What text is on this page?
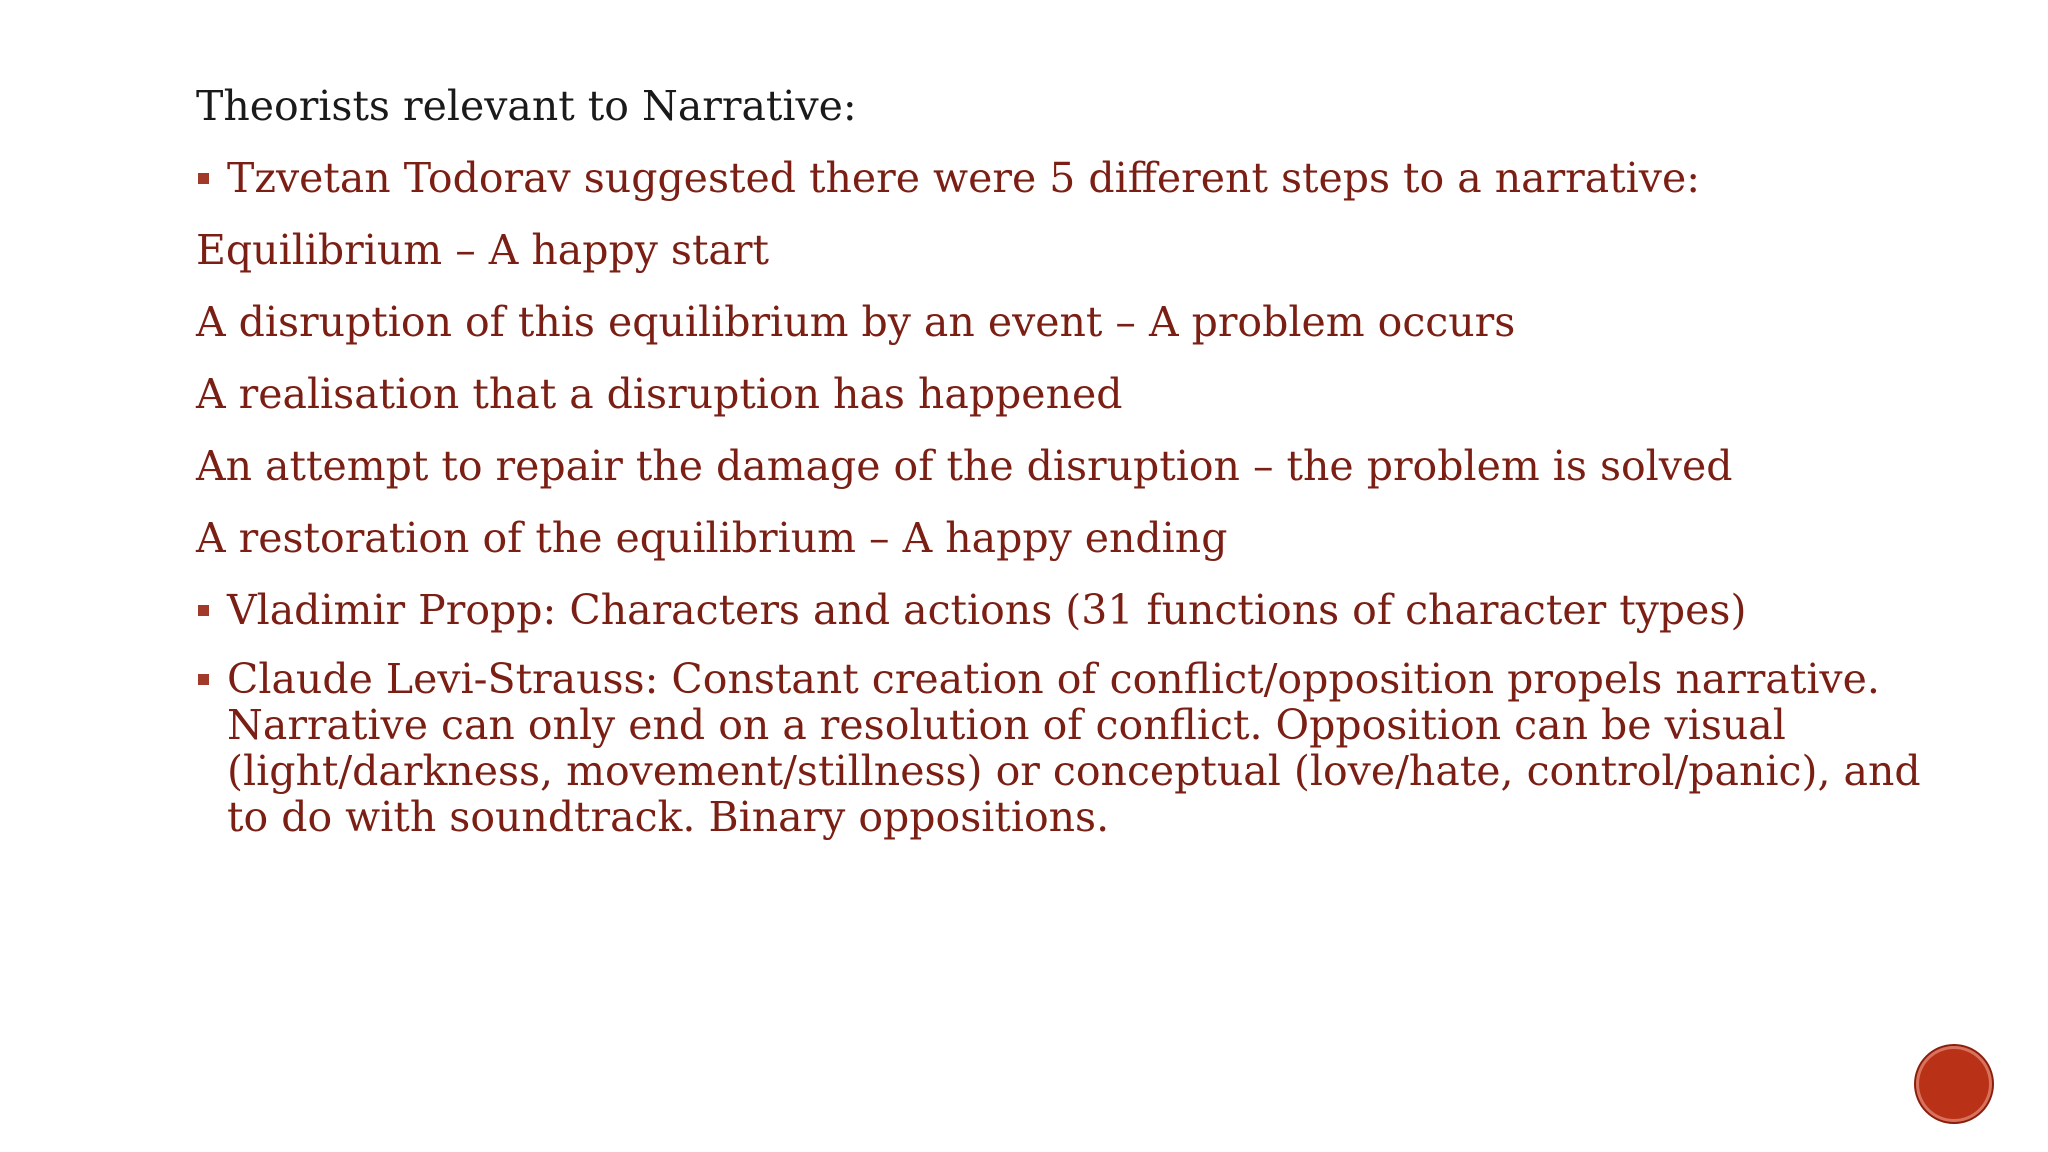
Theorists relevant to Narrative:
Tzvetan Todorav suggested there were 5 different steps to a narrative:
Equilibrium – A happy start
A disruption of this equilibrium by an event – A problem occurs
A realisation that a disruption has happened
An attempt to repair the damage of the disruption – the problem is solved
A restoration of the equilibrium – A happy ending
Vladimir Propp: Characters and actions (31 functions of character types)
Claude Levi-Strauss: Constant creation of conflict/opposition propels narrative.
Narrative can only end on a resolution of conflict. Opposition can be visual
(light/darkness, movement/stillness) or conceptual (love/hate, control/panic), and
to do with soundtrack. Binary oppositions.
